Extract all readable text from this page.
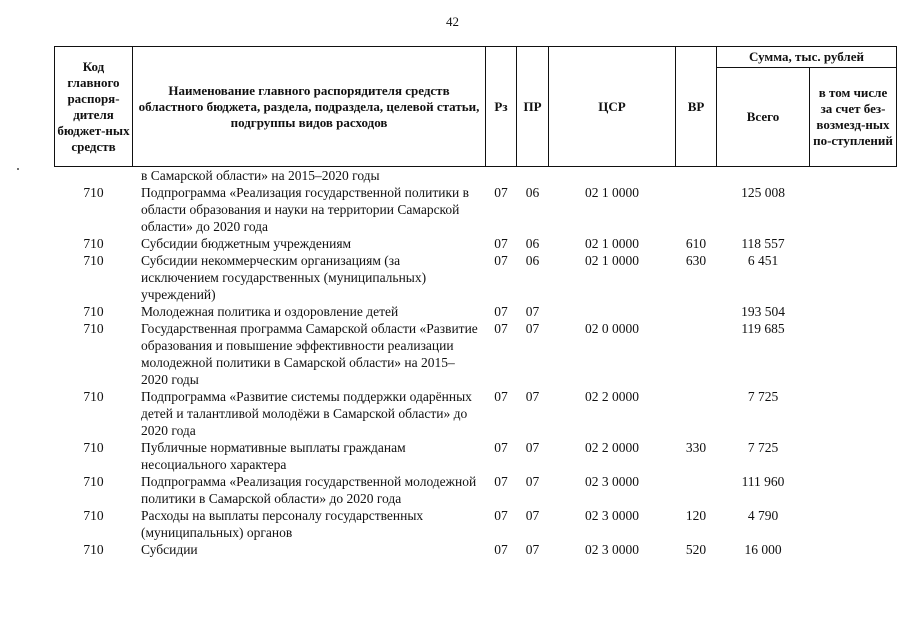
42
Код главного распоря-дителя бюджет-ных средств	Наименование главного распорядителя средств областного бюджета, раздела, подраздела, целевой статьи, подгруппы видов расходов	Рз	ПР	ЦСР	ВР	Сумма, тыс. рублей	
						Всего	в том числе за счет без-возмезд-ных по-ступлений
	в Самарской области» на 2015–2020 годы						
710	Подпрограмма «Реализация государственной политики в области образования и науки на территории Самарской области» до 2020 года	07	06	02 1 0000		125 008	
710	Субсидии бюджетным учреждениям	07	06	02 1 0000	610	118 557	
710	Субсидии некоммерческим организациям (за исключением государственных (муниципальных) учреждений)	07	06	02 1 0000	630	6 451	
710	Молодежная политика и оздоровление детей	07	07			193 504	
710	Государственная программа Самарской области «Развитие образования и повышение эффективности реализации молодежной политики в Самарской области» на 2015–2020 годы	07	07	02 0 0000		119 685	
710	Подпрограмма «Развитие системы поддержки одарённых детей и талантливой молодёжи в Самарской области» до 2020 года	07	07	02 2 0000		7 725	
710	Публичные нормативные выплаты гражданам несоциального характера	07	07	02 2 0000	330	7 725	
710	Подпрограмма «Реализация государственной молодежной политики в Самарской области» до 2020 года	07	07	02 3 0000		111 960	
710	Расходы на выплаты персоналу государственных (муниципальных) органов	07	07	02 3 0000	120	4 790	
710	Субсидии	07	07	02 3 0000	520	16 000	
